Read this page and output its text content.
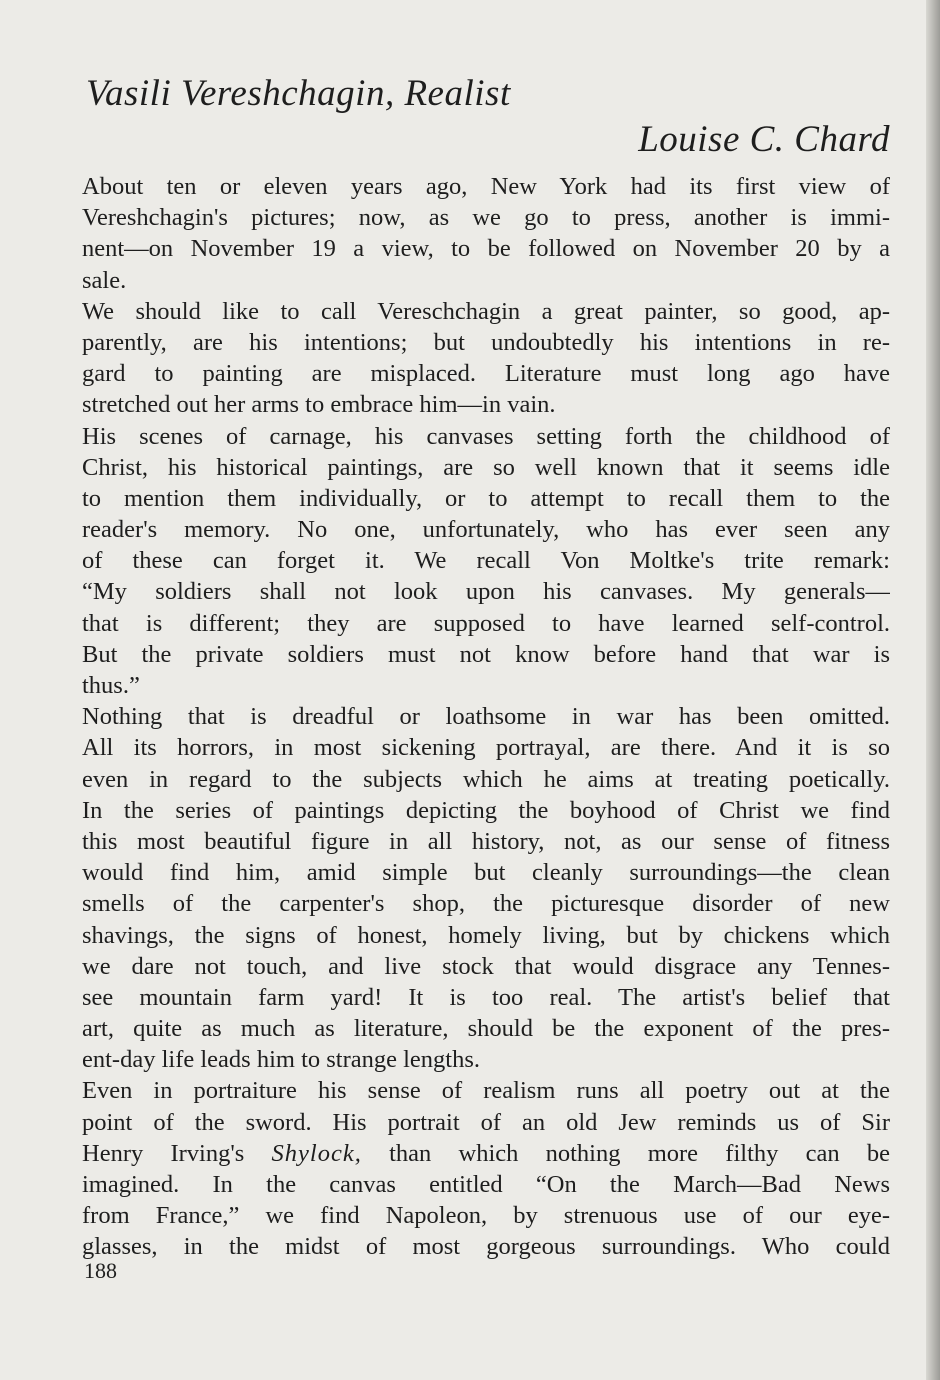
Vasili Vereshchagin, Realist
Louise C. Chard
About ten or eleven years ago, New York had its first view of
Vereshchagin's pictures; now, as we go to press, another is immi-
nent—on November 19 a view, to be followed on November 20 by a
sale.
We should like to call Vereschchagin a great painter, so good, ap-
parently, are his intentions; but undoubtedly his intentions in re-
gard to painting are misplaced. Literature must long ago have
stretched out her arms to embrace him—in vain.
His scenes of carnage, his canvases setting forth the childhood of
Christ, his historical paintings, are so well known that it seems idle
to mention them individually, or to attempt to recall them to the
reader's memory. No one, unfortunately, who has ever seen any
of these can forget it. We recall Von Moltke's trite remark:
“My soldiers shall not look upon his canvases. My generals—
that is different; they are supposed to have learned self-control.
But the private soldiers must not know before hand that war is
thus.”
Nothing that is dreadful or loathsome in war has been omitted.
All its horrors, in most sickening portrayal, are there. And it is so
even in regard to the subjects which he aims at treating poetically.
In the series of paintings depicting the boyhood of Christ we find
this most beautiful figure in all history, not, as our sense of fitness
would find him, amid simple but cleanly surroundings—the clean
smells of the carpenter's shop, the picturesque disorder of new
shavings, the signs of honest, homely living, but by chickens which
we dare not touch, and live stock that would disgrace any Tennes-
see mountain farm yard! It is too real. The artist's belief that
art, quite as much as literature, should be the exponent of the pres-
ent-day life leads him to strange lengths.
Even in portraiture his sense of realism runs all poetry out at the
point of the sword. His portrait of an old Jew reminds us of Sir
Henry Irving's Shylock, than which nothing more filthy can be
imagined. In the canvas entitled “On the March—Bad News
from France,” we find Napoleon, by strenuous use of our eye-
glasses, in the midst of most gorgeous surroundings. Who could
188
